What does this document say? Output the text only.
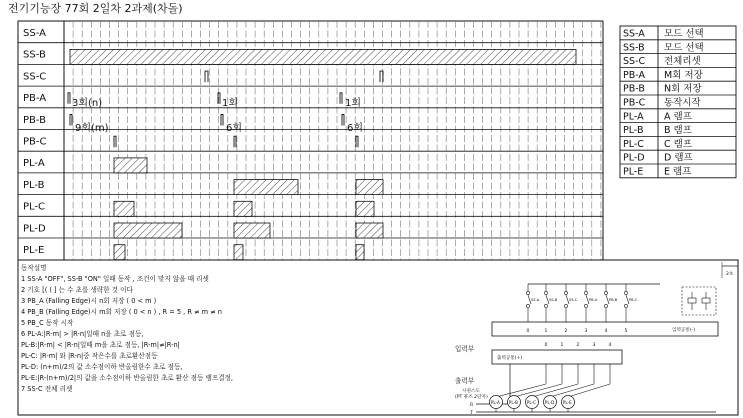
전기기능장 77회 2일차 2과제(차돌)
SS-A
SS-B
SS-C
PB-A
PB-B
PB-C
PL-A
PL-B
PL-C
PL-D
PL-E
3회(n)	1회	1회
9회(m)	6회	6회
SS-A 모드 선택
SS-B 모드 선택
SS-C 전체리셋
PB-A M회 저장
PB-B N회 저장
PB-C 동작시작
PL-A A 램프
PL-B B 램프
PL-C C 램프
PL-D D 램프
PL-E E 램프
동작설명
1 SS-A "OFF", SS-B "ON" 일때 동작 , 조건이 맞지 않을 때 리셋
2 기호 [( ( ] 는 수 초를 생략한 것 이다
3 PB_A (Falling Edge)시 n회 저장 ( 0 < m )
4 PB_B (Falling Edge)시 m회 저장 ( 0 < n ) , R = 5 , R ≠ m ≠ n
5 PB_C 동작 시작
6 PL-A:|R-m| > |R-n|일때 n을 초로 점등,
PL-B:|R-m| < |R-n|일때 m을 초로 점등, |R-m|≠|R-n|
PL-C: |R-m| 와 |R-n|중 작은수를 초로환산점등
PL-D: (n+m)/2의 값 소수점이하 반올림한수 초로 점등,
PL-E:|R-(n+m)/2|의 값을 소수점이하 반올림한 초로 환산 점등 램프결정,
7 SS-C 전체 리셋
2초
SS-A	SS-B	SS-C	PB-A	PB-B	PB-C
입력부
0	1	2	3	4	5	입력공통(-)
출력부
출력공통(+)
0	1	2	3	4
시퀀스도
(PT 퓨즈 2단자)
R
T
PL-A PL-B PL-C PL-D PL-E
